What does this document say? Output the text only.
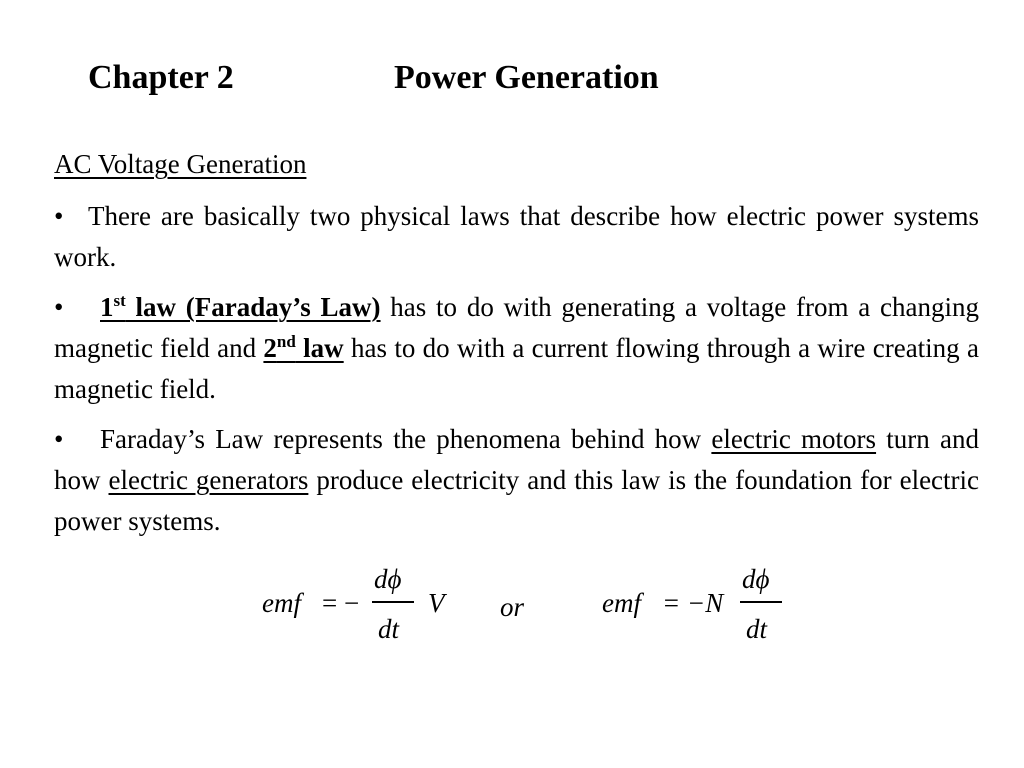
Chapter 2	Power Generation
AC Voltage Generation

• There are basically two physical laws that describe how electric power systems work.

• 1st law (Faraday’s Law) has to do with generating a voltage from a changing magnetic field and 2nd law has to do with a current flowing through a wire creating a magnetic field.

• Faraday’s Law represents the phenomena behind how electric motors turn and how electric generators produce electricity and this law is the foundation for electric power systems.

emf = −
dϕ
dt
V or	emf = −N
dϕ
dt
